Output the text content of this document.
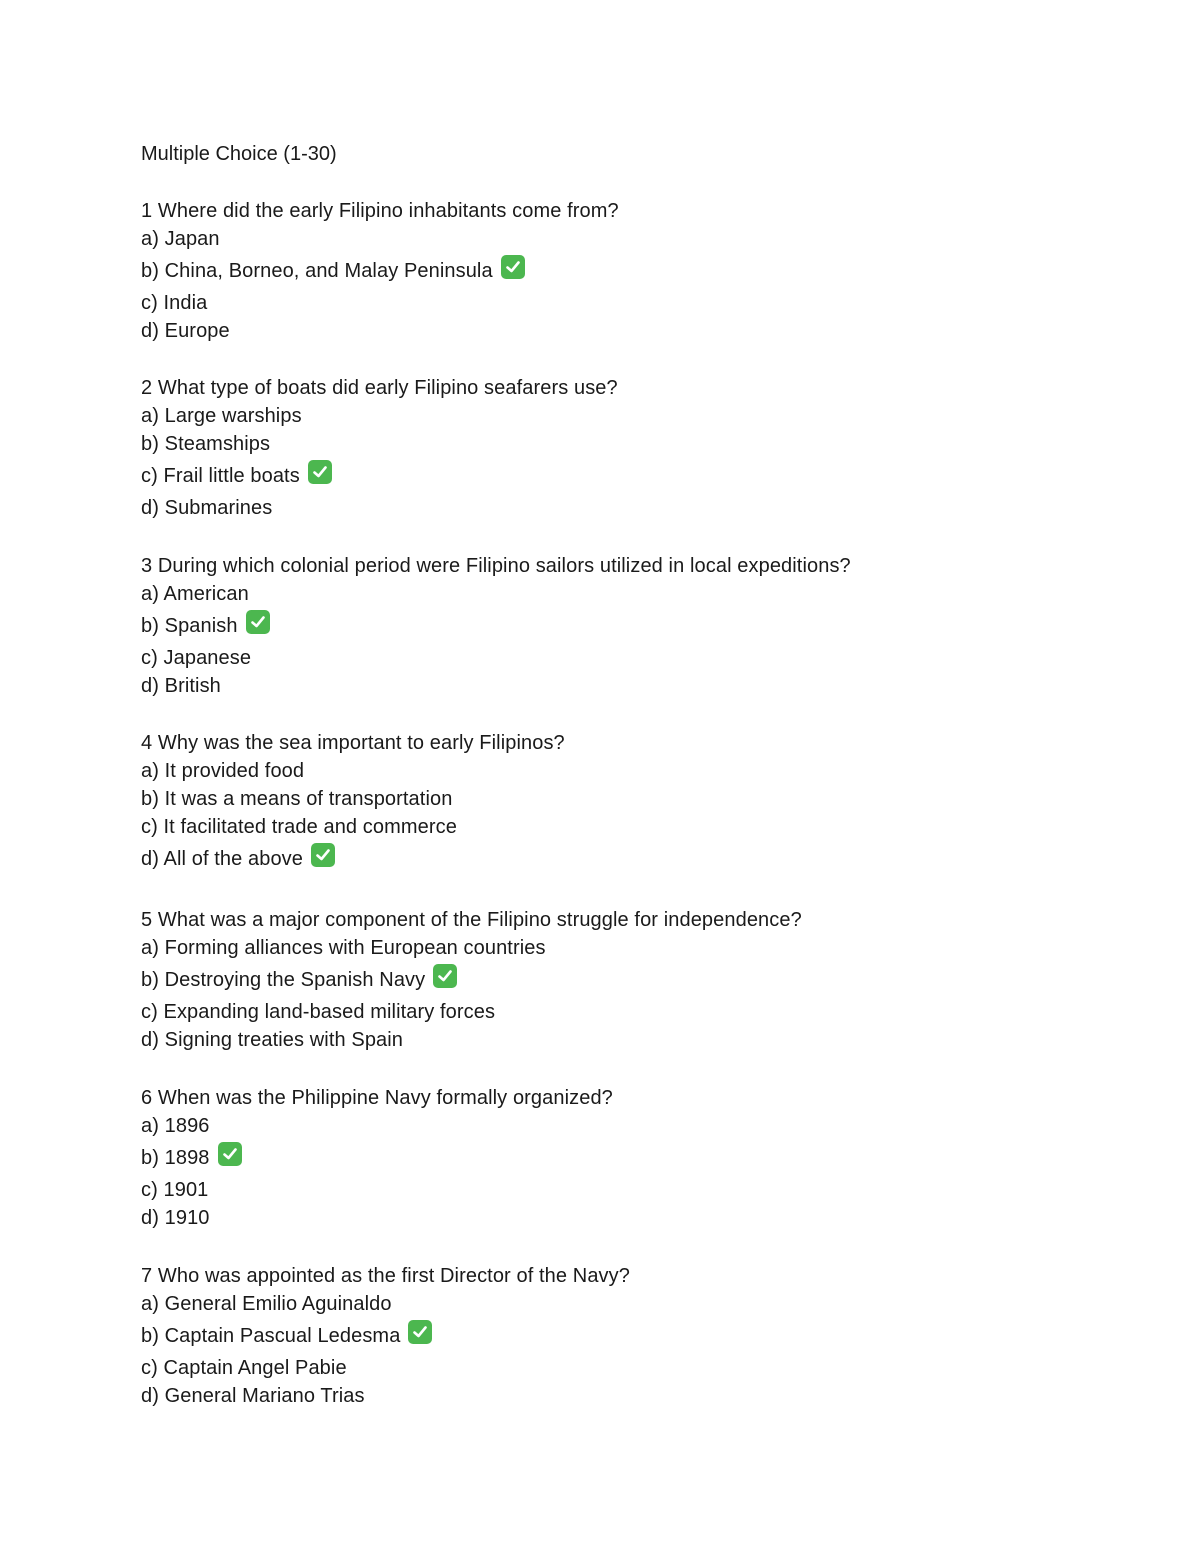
Multiple Choice (1-30)
1 Where did the early Filipino inhabitants come from?
a) Japan
b) China, Borneo, and Malay Peninsula
c) India
d) Europe
2 What type of boats did early Filipino seafarers use?
a) Large warships
b) Steamships
c) Frail little boats
d) Submarines
3 During which colonial period were Filipino sailors utilized in local expeditions?
a) American
b) Spanish
c) Japanese
d) British
4 Why was the sea important to early Filipinos?
a) It provided food
b) It was a means of transportation
c) It facilitated trade and commerce
d) All of the above
5 What was a major component of the Filipino struggle for independence?
a) Forming alliances with European countries
b) Destroying the Spanish Navy
c) Expanding land-based military forces
d) Signing treaties with Spain
6 When was the Philippine Navy formally organized?
a) 1896
b) 1898
c) 1901
d) 1910
7 Who was appointed as the first Director of the Navy?
a) General Emilio Aguinaldo
b) Captain Pascual Ledesma
c) Captain Angel Pabie
d) General Mariano Trias
